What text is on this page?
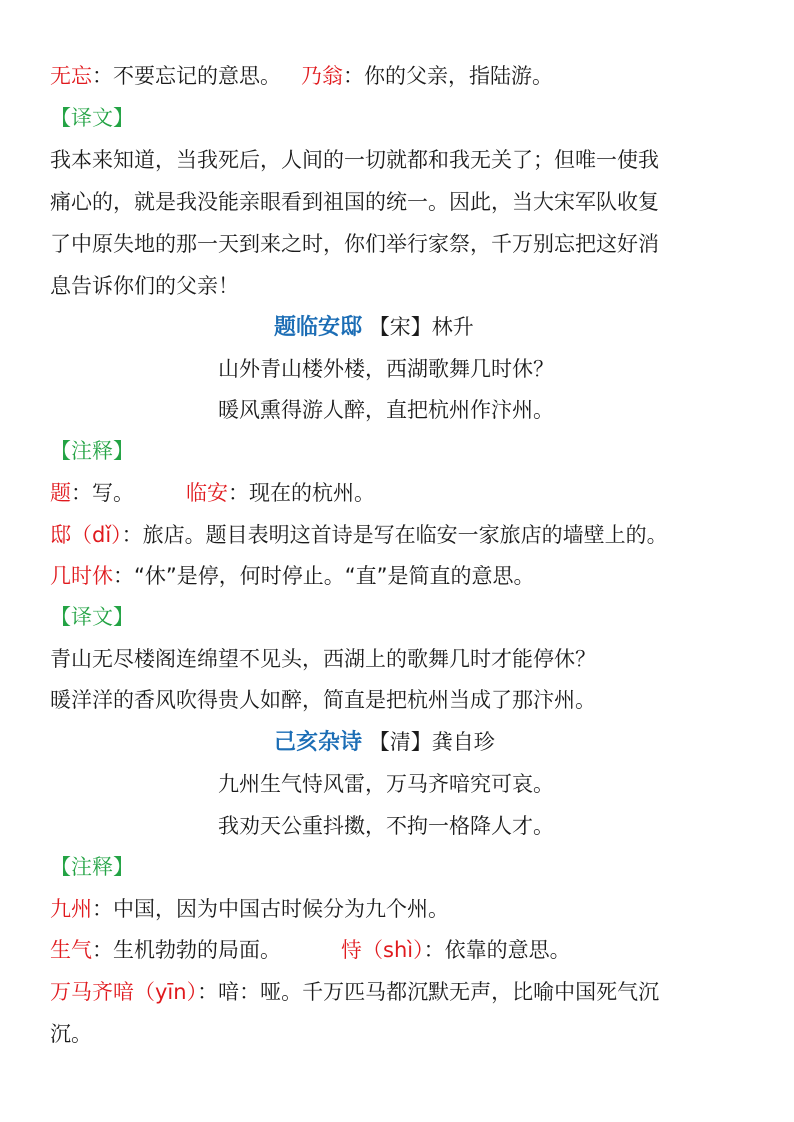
无忘：不要忘记的意思。 乃翁：你的父亲，指陆游。
【译文】
我本来知道，当我死后，人间的一切就都和我无关了；但唯一使我
痛心的，就是我没能亲眼看到祖国的统一。因此，当大宋军队收复
了中原失地的那一天到来之时，你们举行家祭，千万别忘把这好消
息告诉你们的父亲！
题临安邸 【宋】林升
山外青山楼外楼，西湖歌舞几时休？
暖风熏得游人醉，直把杭州作汴州。
【注释】
题：写。 临安：现在的杭州。
邸（dǐ）：旅店。题目表明这首诗是写在临安一家旅店的墙壁上的。
几时休：“休”是停，何时停止。“直”是简直的意思。
【译文】
青山无尽楼阁连绵望不见头，西湖上的歌舞几时才能停休？
暖洋洋的香风吹得贵人如醉，简直是把杭州当成了那汴州。
己亥杂诗 【清】龚自珍
九州生气恃风雷，万马齐喑究可哀。
我劝天公重抖擞，不拘一格降人才。
【注释】
九州：中国，因为中国古时候分为九个州。
生气：生机勃勃的局面。	恃（shì）：依靠的意思。
万马齐喑（yīn）：喑：哑。千万匹马都沉默无声，比喻中国死气沉
沉。
